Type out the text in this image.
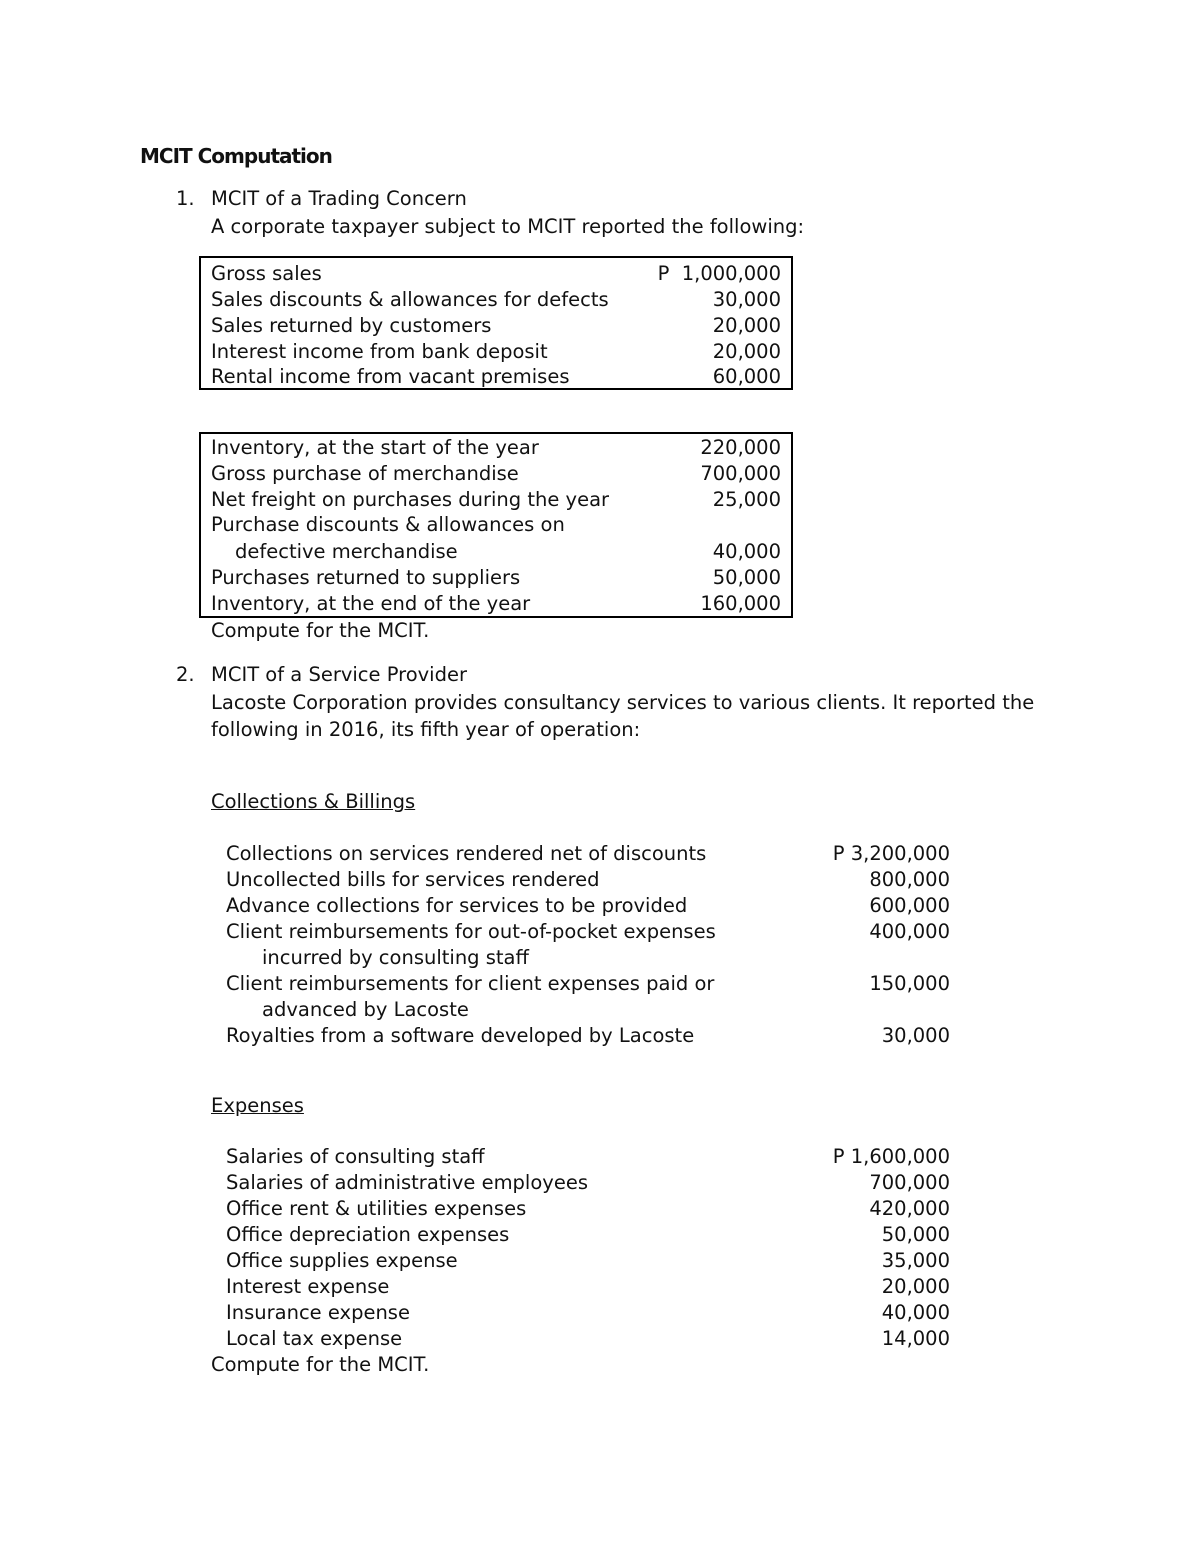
MCIT Computation
1. MCIT of a Trading Concern
A corporate taxpayer subject to MCIT reported the following:
Gross sales	P  1,000,000
Sales discounts & allowances for defects	30,000
Sales returned by customers	20,000
Interest income from bank deposit	20,000
Rental income from vacant premises	60,000
Inventory, at the start of the year	220,000
Gross purchase of merchandise	700,000
Net freight on purchases during the year	25,000
Purchase discounts & allowances on
defective merchandise	40,000
Purchases returned to suppliers	50,000
Inventory, at the end of the year	160,000
Compute for the MCIT.
2. MCIT of a Service Provider
Lacoste Corporation provides consultancy services to various clients. It reported the
following in 2016, its fifth year of operation:
Collections & Billings
Collections on services rendered net of discounts	P 3,200,000
Uncollected bills for services rendered	800,000
Advance collections for services to be provided	600,000
Client reimbursements for out-of-pocket expenses	400,000
incurred by consulting staff
Client reimbursements for client expenses paid or	150,000
advanced by Lacoste
Royalties from a software developed by Lacoste	30,000
Expenses
Salaries of consulting staff	P 1,600,000
Salaries of administrative employees	700,000
Office rent & utilities expenses	420,000
Office depreciation expenses	50,000
Office supplies expense	35,000
Interest expense	20,000
Insurance expense	40,000
Local tax expense	14,000
Compute for the MCIT.
